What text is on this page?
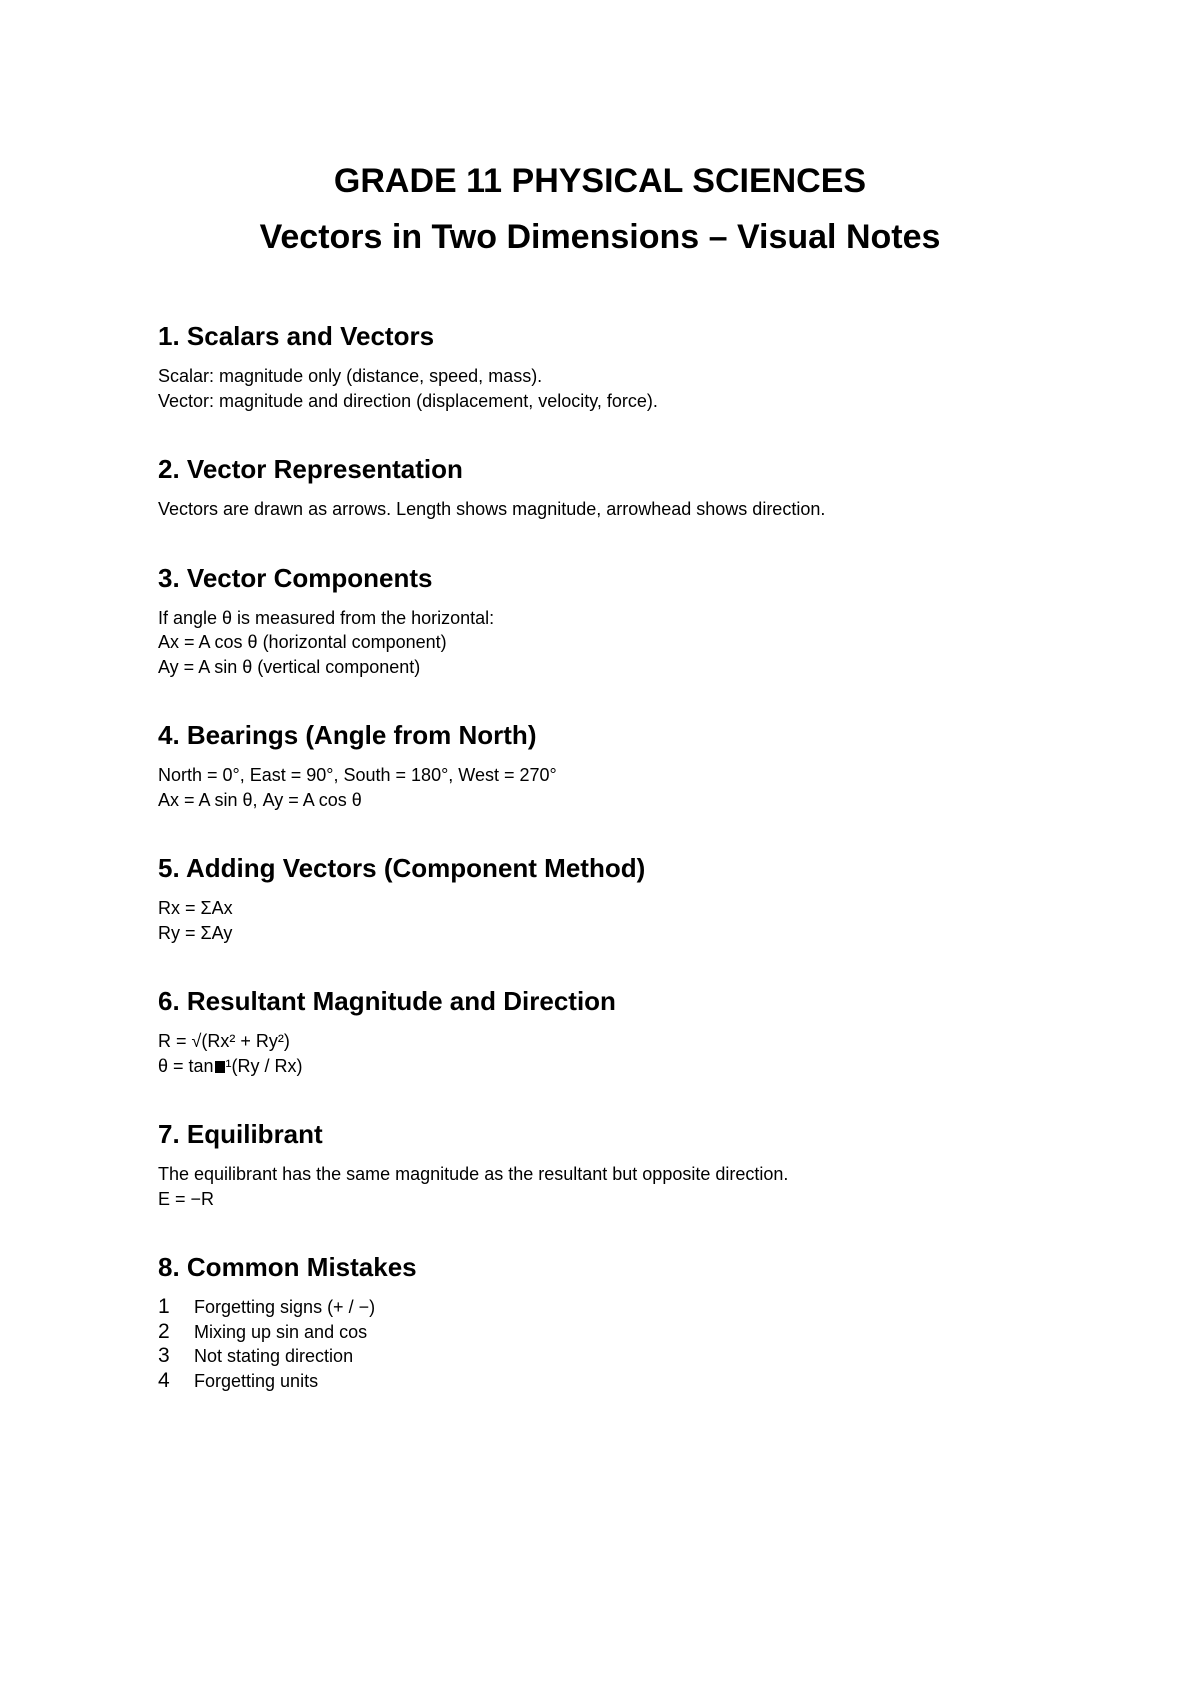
GRADE 11 PHYSICAL SCIENCES
Vectors in Two Dimensions – Visual Notes
1. Scalars and Vectors

Scalar: magnitude only (distance, speed, mass).

Vector: magnitude and direction (displacement, velocity, force).

2. Vector Representation

Vectors are drawn as arrows. Length shows magnitude, arrowhead shows direction.

3. Vector Components

If angle θ is measured from the horizontal:

Ax = A cos θ (horizontal component)

Ay = A sin θ (vertical component)

4. Bearings (Angle from North)

North = 0°, East = 90°, South = 180°, West = 270°

Ax = A sin θ, Ay = A cos θ

5. Adding Vectors (Component Method)

Rx = ΣAx

Ry = ΣAy

6. Resultant Magnitude and Direction

R = √(Rx² + Ry²)

θ = tan ¹(Ry / Rx)

7. Equilibrant

The equilibrant has the same magnitude as the resultant but opposite direction.

E = −R

8. Common Mistakes
1	Forgetting signs (+ / −)
2	Mixing up sin and cos
3	Not stating direction
4	Forgetting units
